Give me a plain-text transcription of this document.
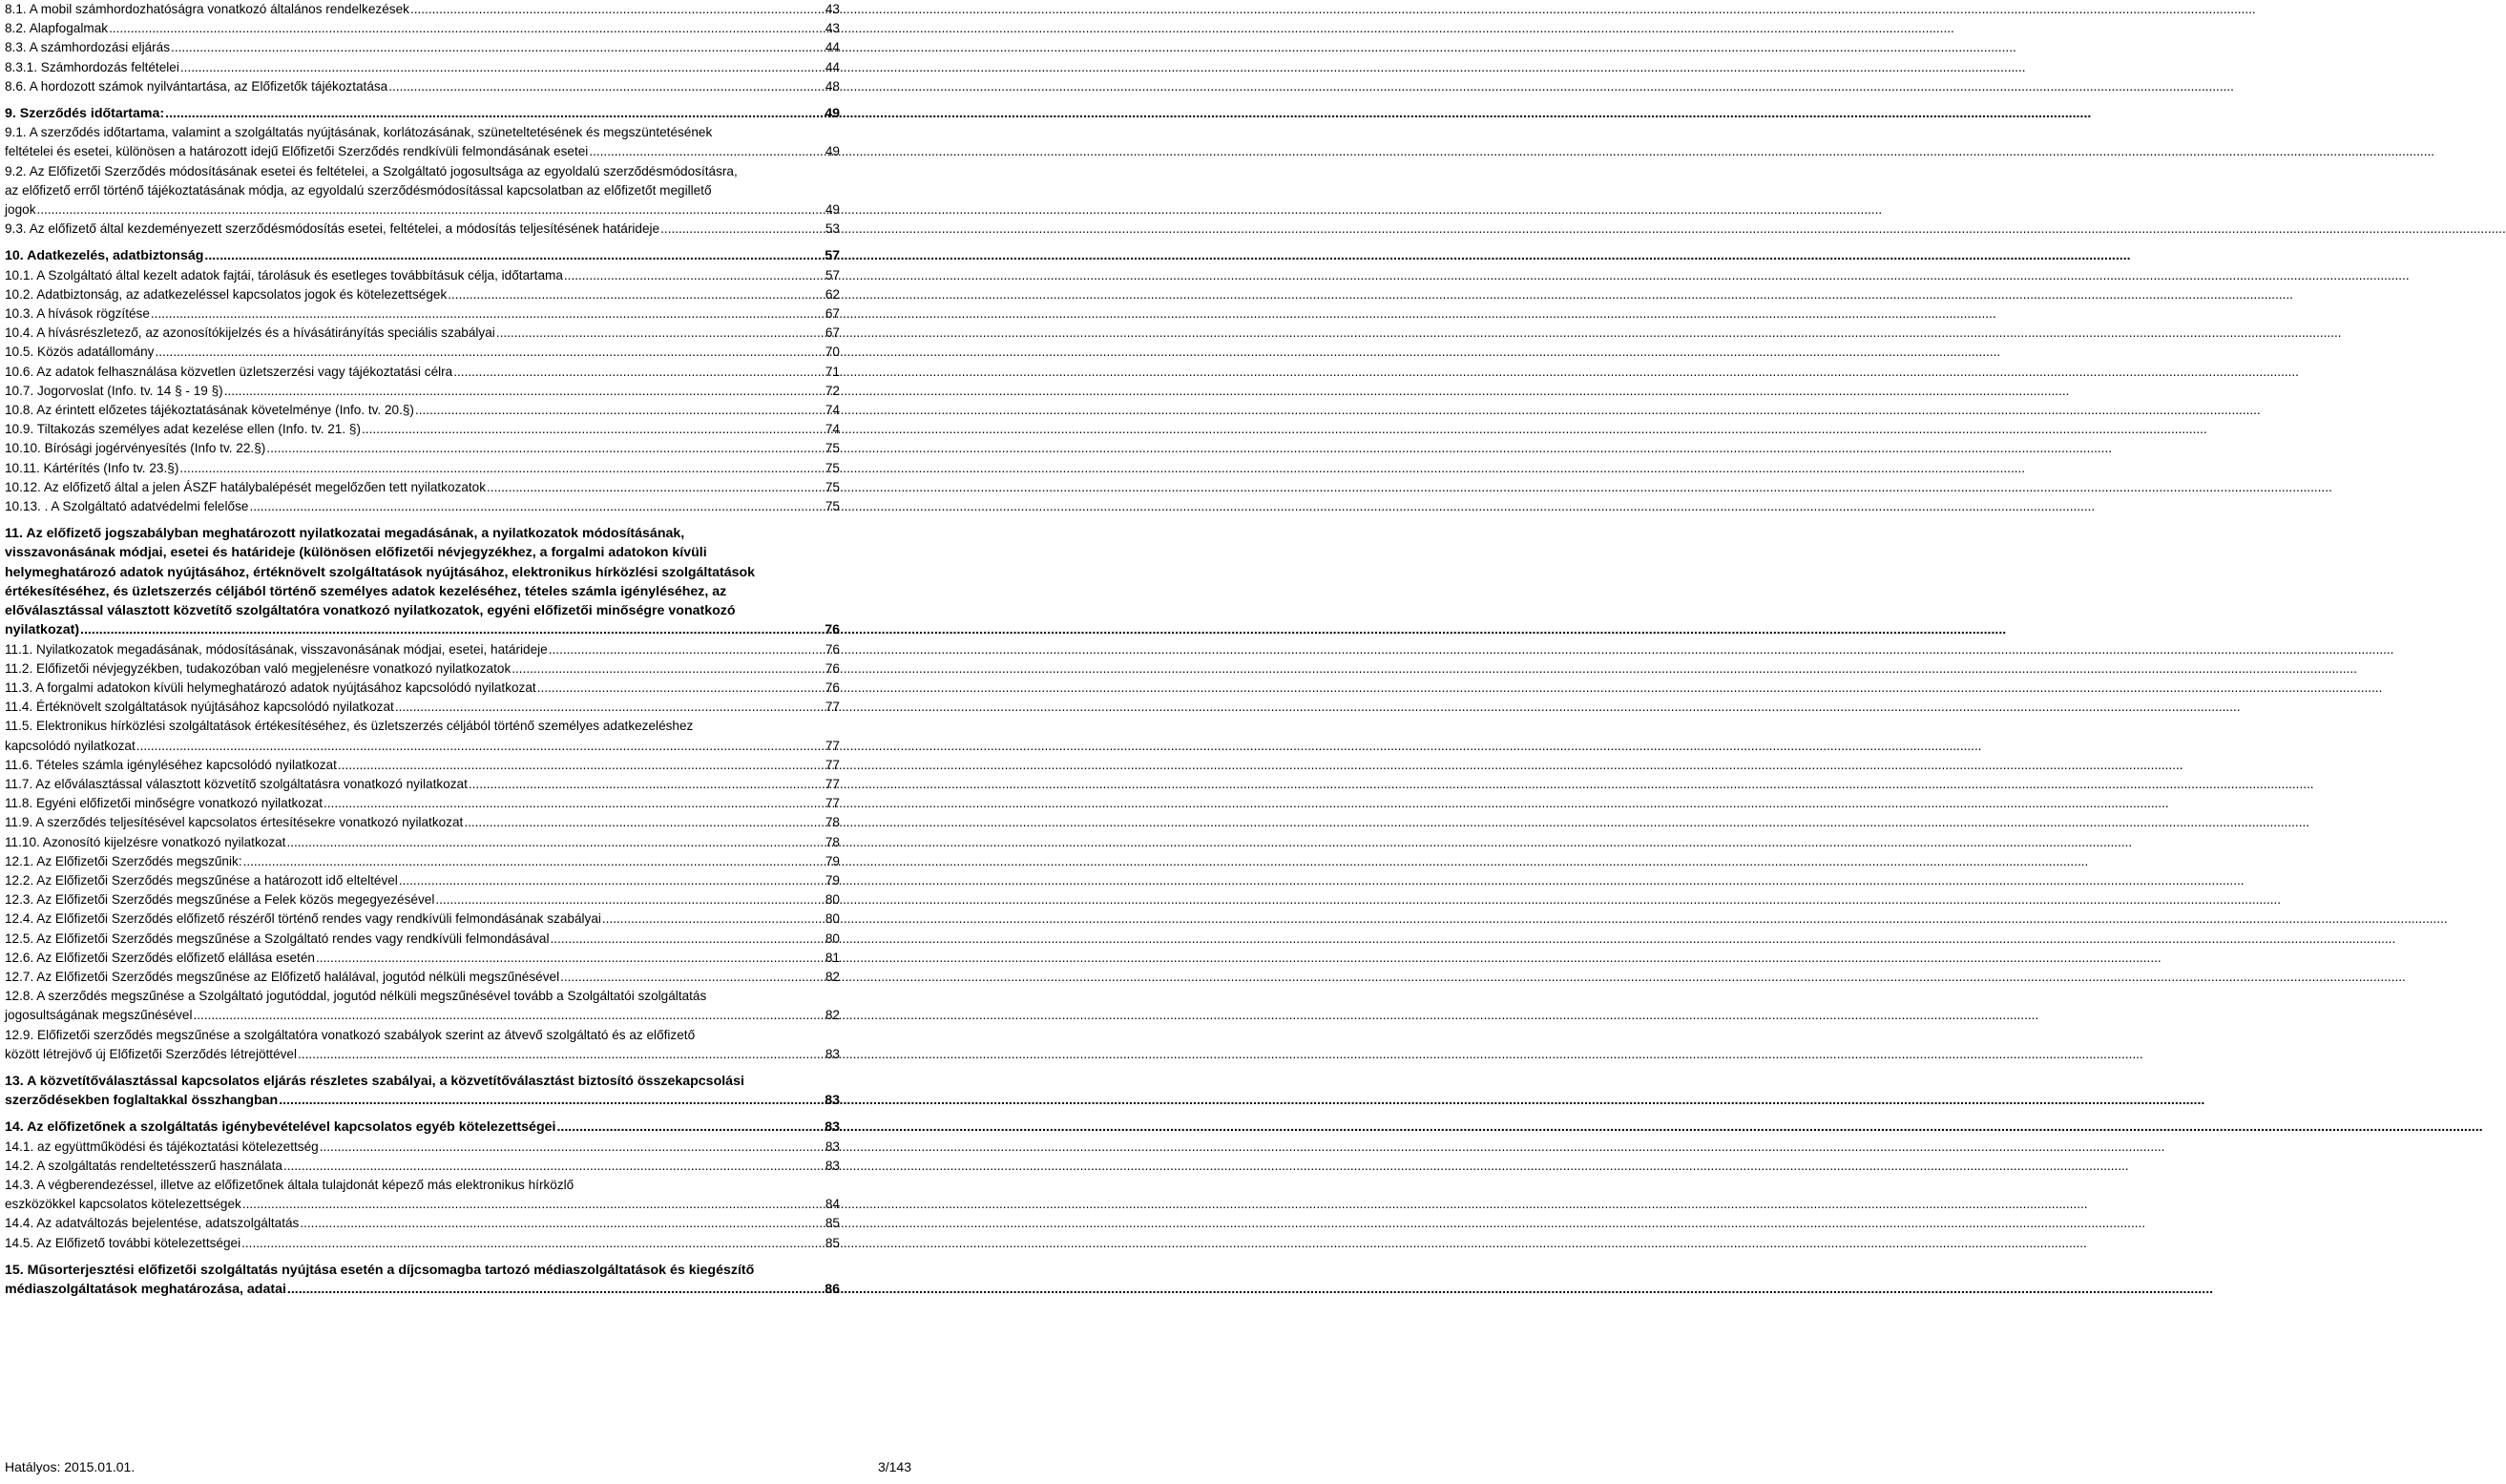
8.1. A mobil számhordozhatóságra vonatkozó általános rendelkezések .....	43
8.2. Alapfogalmak .....	43
8.3. A számhordozási eljárás .....	44
8.3.1. Számhordozás feltételei .....	44
8.6. A hordozott számok nyilvántartása, az Előfizetők tájékoztatása .....	48
9. Szerződés időtartama: .....	49
9.1. A szerződés időtartama, valamint a szolgáltatás nyújtásának, korlátozásának, szüneteltetésének és megszüntetésének
feltételei és esetei, különösen a határozott idejű Előfizetői Szerződés rendkívüli felmondásának esetei .....	49
9.2. Az Előfizetői Szerződés módosításának esetei és feltételei, a Szolgáltató jogosultsága az egyoldalú szerződésmódosításra,
az előfizető erről történő tájékoztatásának módja, az egyoldalú szerződésmódosítással kapcsolatban az előfizetőt megillető
jogok .....	49
9.3. Az előfizető által kezdeményezett szerződésmódosítás esetei, feltételei, a módosítás teljesítésének határideje .....	53
10. Adatkezelés, adatbiztonság .....	57
10.1. A Szolgáltató által kezelt adatok fajtái, tárolásuk és esetleges továbbításuk célja, időtartama .....	57
10.2. Adatbiztonság, az adatkezeléssel kapcsolatos jogok és kötelezettségek .....	62
10.3. A hívások rögzítése .....	67
10.4. A hívásrészletező, az azonosítókijelzés és a hívásátirányítás speciális szabályai .....	67
10.5. Közös adatállomány .....	70
10.6. Az adatok felhasználása közvetlen üzletszerzési vagy tájékoztatási célra .....	71
10.7. Jogorvoslat (Info. tv. 14 § - 19 §) .....	72
10.8. Az érintett előzetes tájékoztatásának követelménye (Info. tv. 20.§) .....	74
10.9. Tiltakozás személyes adat kezelése ellen (Info. tv. 21. §) .....	74
10.10. Bírósági jogérvényesítés (Info tv. 22.§) .....	75
10.11. Kártérítés (Info tv. 23.§) .....	75
10.12. Az előfizető által a jelen ÁSZF hatálybalépését megelőzően tett nyilatkozatok .....	75
10.13. . A Szolgáltató adatvédelmi felelőse .....	75
11. Az előfizető jogszabályban meghatározott nyilatkozatai megadásának, a nyilatkozatok módosításának,
visszavonásának módjai, esetei és határideje (különösen előfizetői névjegyzékhez, a forgalmi adatokon kívüli
helymeghatározó adatok nyújtásához, értéknövelt szolgáltatások nyújtásához, elektronikus hírközlési szolgáltatások
értékesítéséhez, és üzletszerzés céljából történő személyes adatok kezeléséhez, tételes számla igényléséhez, az
előválasztással választott közvetítő szolgáltatóra vonatkozó nyilatkozatok, egyéni előfizetői minőségre vonatkozó
nyilatkozat) .....	76
11.1. Nyilatkozatok megadásának, módosításának, visszavonásának módjai, esetei, határideje .....	76
11.2. Előfizetői névjegyzékben, tudakozóban való megjelenésre vonatkozó nyilatkozatok .....	76
11.3. A forgalmi adatokon kívüli helymeghatározó adatok nyújtásához kapcsolódó nyilatkozat .....	76
11.4. Értéknövelt szolgáltatások nyújtásához kapcsolódó nyilatkozat .....	77
11.5. Elektronikus hírközlési szolgáltatások értékesítéséhez, és üzletszerzés céljából történő személyes adatkezeléshez
kapcsolódó nyilatkozat .....	77
11.6. Tételes számla igényléséhez kapcsolódó nyilatkozat .....	77
11.7. Az előválasztással választott közvetítő szolgáltatásra vonatkozó nyilatkozat .....	77
11.8. Egyéni előfizetői minőségre vonatkozó nyilatkozat .....	77
11.9. A szerződés teljesítésével kapcsolatos értesítésekre vonatkozó nyilatkozat .....	78
11.10. Azonosító kijelzésre vonatkozó nyilatkozat .....	78
12.1. Az Előfizetői Szerződés megszűnik: .....	79
12.2. Az Előfizetői Szerződés megszűnése a határozott idő elteltével .....	79
12.3. Az Előfizetői Szerződés megszűnése a Felek közös megegyezésével .....	80
12.4. Az Előfizetői Szerződés előfizető részéről történő rendes vagy rendkívüli felmondásának szabályai .....	80
12.5. Az Előfizetői Szerződés megszűnése a Szolgáltató rendes vagy rendkívüli felmondásával .....	80
12.6. Az Előfizetői Szerződés előfizető elállása esetén .....	81
12.7. Az Előfizetői Szerződés megszűnése az Előfizető halálával, jogutód nélküli megszűnésével .....	82
12.8. A szerződés megszűnése a Szolgáltató jogutóddal, jogutód nélküli megszűnésével tovább a Szolgáltatói szolgáltatás
jogosultságának megszűnésével .....	82
12.9. Előfizetői szerződés megszűnése a szolgáltatóra vonatkozó szabályok szerint az átvevő szolgáltató és az előfizető
között létrejövő új Előfizetői Szerződés létrejöttével .....	83
13. A közvetítőválasztással kapcsolatos eljárás részletes szabályai, a közvetítőválasztást biztosító összekapcsolási
szerződésekben foglaltakkal összhangban .....	83
14. Az előfizetőnek a szolgáltatás igénybevételével kapcsolatos egyéb kötelezettségei .....	83
14.1. az együttműködési és tájékoztatási kötelezettség .....	83
14.2. A szolgáltatás rendeltetésszerű használata .....	83
14.3. A végberendezéssel, illetve az előfizetőnek általa tulajdonát képező más elektronikus hírközlő
eszközökkel kapcsolatos kötelezettségek .....	84
14.4. Az adatváltozás bejelentése, adatszolgáltatás .....	85
14.5. Az Előfizető további kötelezettségei .....	85
15. Műsorterjesztési előfizetői szolgáltatás nyújtása esetén a díjcsomagba tartozó médiaszolgáltatások és kiegészítő
médiaszolgáltatások meghatározása, adatai .....	86
Hatályos: 2015.01.01.	3/143
